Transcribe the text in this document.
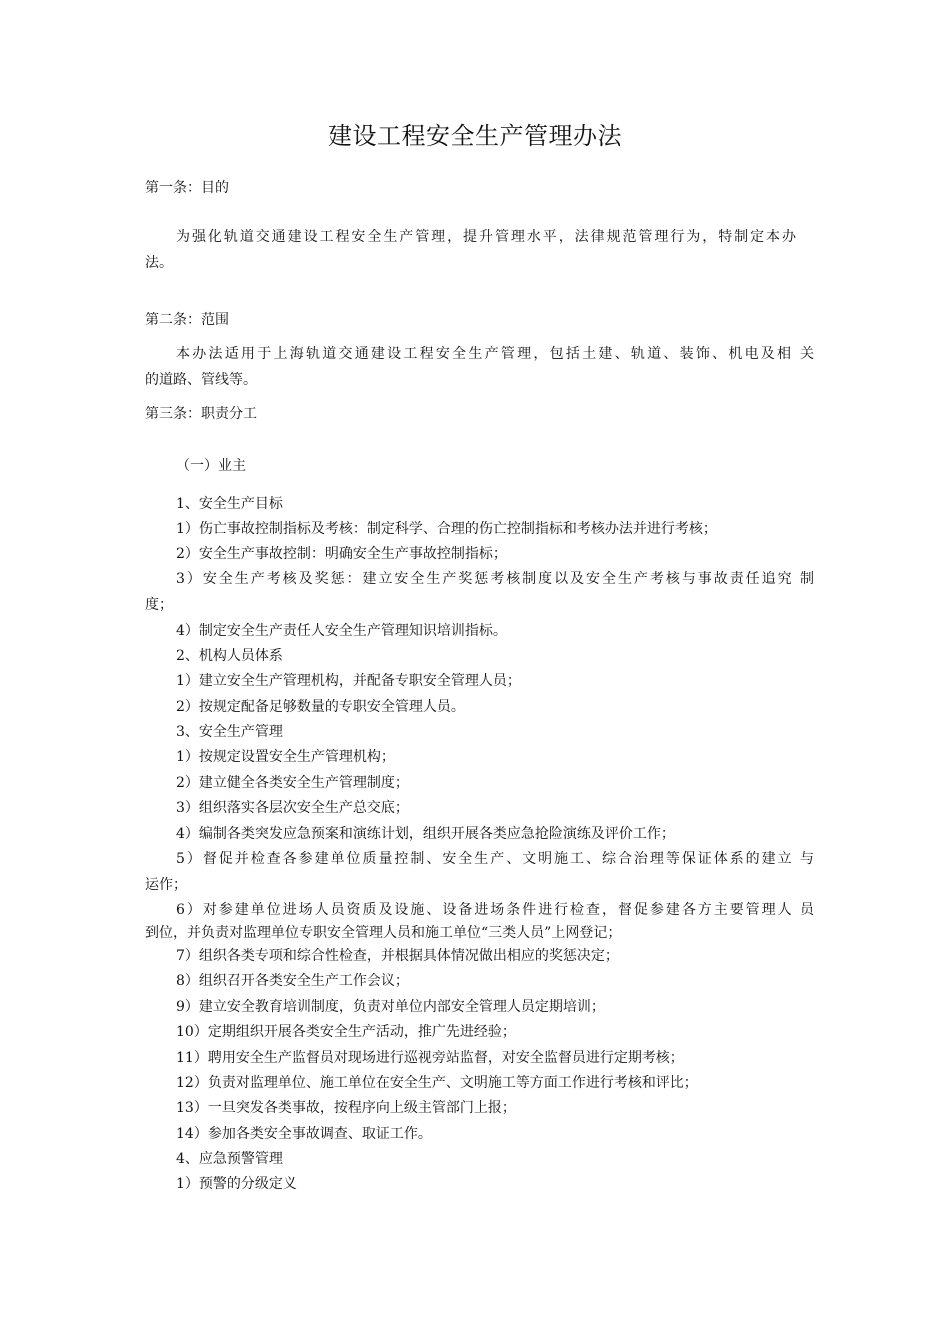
建设工程安全生产管理办法
第一条：目的
为强化轨道交通建设工程安全生产管理，提升管理水平，法律规范管理行为，特制定本办
法。
第二条：范围
本办法适用于上海轨道交通建设工程安全生产管理，包括土建、轨道、装饰、机电及相 关
的道路、管线等。
第三条：职责分工
（一）业主
1、安全生产目标
1）伤亡事故控制指标及考核：制定科学、合理的伤亡控制指标和考核办法并进行考核；
2）安全生产事故控制：明确安全生产事故控制指标；
3）安全生产考核及奖惩：建立安全生产奖惩考核制度以及安全生产考核与事故责任追究 制
度；
4）制定安全生产责任人安全生产管理知识培训指标。
2、机构人员体系
1）建立安全生产管理机构，并配备专职安全管理人员；
2）按规定配备足够数量的专职安全管理人员。
3、安全生产管理
1）按规定设置安全生产管理机构；
2）建立健全各类安全生产管理制度；
3）组织落实各层次安全生产总交底；
4）编制各类突发应急预案和演练计划，组织开展各类应急抢险演练及评价工作；
5）督促并检查各参建单位质量控制、安全生产、文明施工、综合治理等保证体系的建立 与
运作；
6）对参建单位进场人员资质及设施、设备进场条件进行检查，督促参建各方主要管理人 员
到位，并负责对监理单位专职安全管理人员和施工单位“三类人员”上网登记；
7）组织各类专项和综合性检查，并根据具体情况做出相应的奖惩决定；
8）组织召开各类安全生产工作会议；
9）建立安全教育培训制度，负责对单位内部安全管理人员定期培训；
10）定期组织开展各类安全生产活动，推广先进经验；
11）聘用安全生产监督员对现场进行巡视旁站监督，对安全监督员进行定期考核；
12）负责对监理单位、施工单位在安全生产、文明施工等方面工作进行考核和评比；
13）一旦突发各类事故，按程序向上级主管部门上报；
14）参加各类安全事故调查、取证工作。
4、应急预警管理
1）预警的分级定义
